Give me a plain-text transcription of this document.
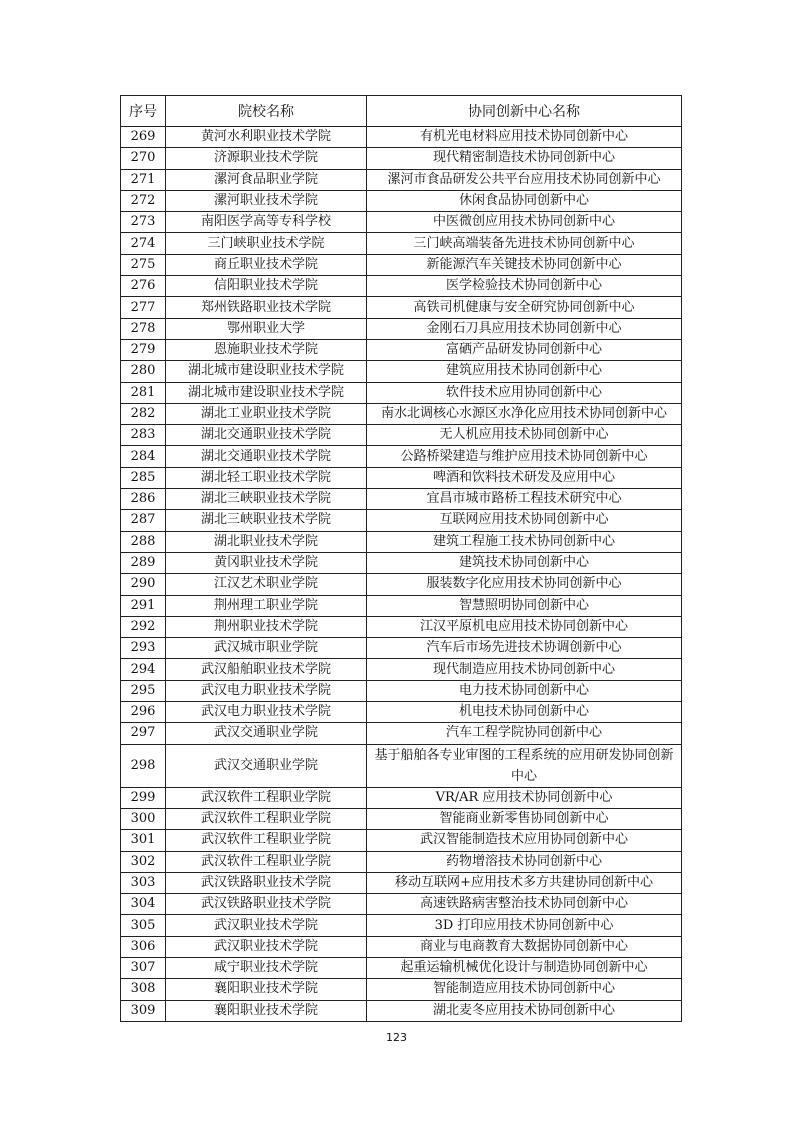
序号	院校名称	协同创新中心名称
269	黄河水利职业技术学院	有机光电材料应用技术协同创新中心
270	济源职业技术学院	现代精密制造技术协同创新中心
271	漯河食品职业学院	漯河市食品研发公共平台应用技术协同创新中心
272	漯河职业技术学院	休闲食品协同创新中心
273	南阳医学高等专科学校	中医微创应用技术协同创新中心
274	三门峡职业技术学院	三门峡高端装备先进技术协同创新中心
275	商丘职业技术学院	新能源汽车关键技术协同创新中心
276	信阳职业技术学院	医学检验技术协同创新中心
277	郑州铁路职业技术学院	高铁司机健康与安全研究协同创新中心
278	鄂州职业大学	金刚石刀具应用技术协同创新中心
279	恩施职业技术学院	富硒产品研发协同创新中心
280	湖北城市建设职业技术学院	建筑应用技术协同创新中心
281	湖北城市建设职业技术学院	软件技术应用协同创新中心
282	湖北工业职业技术学院	南水北调核心水源区水净化应用技术协同创新中心
283	湖北交通职业技术学院	无人机应用技术协同创新中心
284	湖北交通职业技术学院	公路桥梁建造与维护应用技术协同创新中心
285	湖北轻工职业技术学院	啤酒和饮料技术研发及应用中心
286	湖北三峡职业技术学院	宜昌市城市路桥工程技术研究中心
287	湖北三峡职业技术学院	互联网应用技术协同创新中心
288	湖北职业技术学院	建筑工程施工技术协同创新中心
289	黄冈职业技术学院	建筑技术协同创新中心
290	江汉艺术职业学院	服装数字化应用技术协同创新中心
291	荆州理工职业学院	智慧照明协同创新中心
292	荆州职业技术学院	江汉平原机电应用技术协同创新中心
293	武汉城市职业学院	汽车后市场先进技术协调创新中心
294	武汉船舶职业技术学院	现代制造应用技术协同创新中心
295	武汉电力职业技术学院	电力技术协同创新中心
296	武汉电力职业技术学院	机电技术协同创新中心
297	武汉交通职业学院	汽车工程学院协同创新中心
298	武汉交通职业学院	基于船舶各专业审图的工程系统的应用研发协同创新中心
299	武汉软件工程职业学院	VR/AR 应用技术协同创新中心
300	武汉软件工程职业学院	智能商业新零售协同创新中心
301	武汉软件工程职业学院	武汉智能制造技术应用协同创新中心
302	武汉软件工程职业学院	药物增溶技术协同创新中心
303	武汉铁路职业技术学院	移动互联网+应用技术多方共建协同创新中心
304	武汉铁路职业技术学院	高速铁路病害整治技术协同创新中心
305	武汉职业技术学院	3D 打印应用技术协同创新中心
306	武汉职业技术学院	商业与电商教育大数据协同创新中心
307	咸宁职业技术学院	起重运输机械优化设计与制造协同创新中心
308	襄阳职业技术学院	智能制造应用技术协同创新中心
309	襄阳职业技术学院	湖北麦冬应用技术协同创新中心
123
